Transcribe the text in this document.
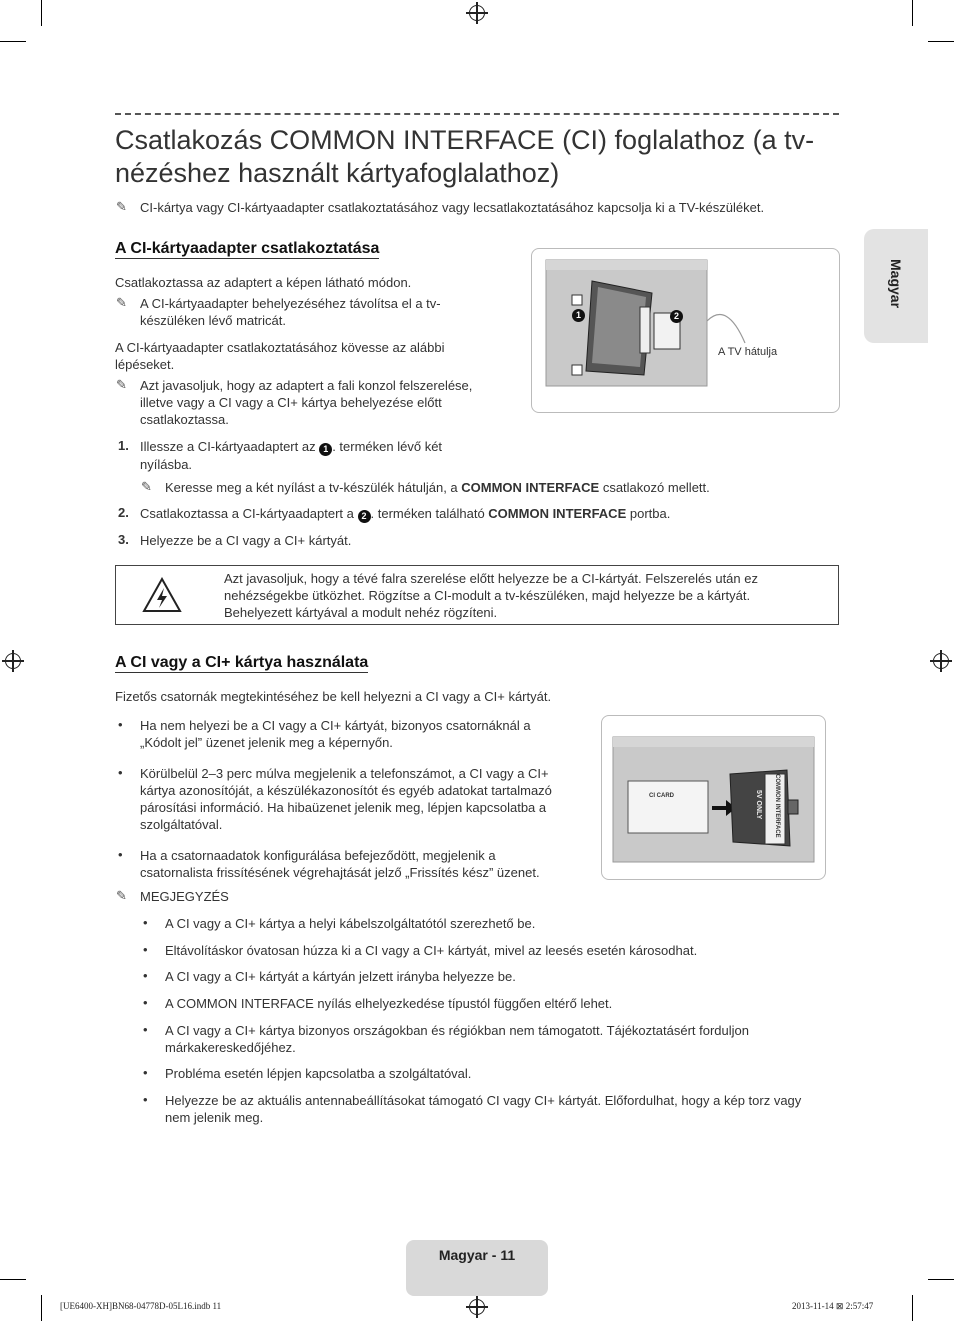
Magyar
Csatlakozás COMMON INTERFACE (CI) foglalathoz (a tv-
nézéshez használt kártyafoglalathoz)
✎ CI-kártya vagy CI-kártyaadapter csatlakoztatásához vagy lecsatlakoztatásához kapcsolja ki a TV-készüléket.
A CI-kártyaadapter csatlakoztatása
Csatlakoztassa az adaptert a képen látható módon.
✎ A CI-kártyaadapter behelyezéséhez távolítsa el a tv-
készüléken lévő matricát.
A CI-kártyaadapter csatlakoztatásához kövesse az alábbi
lépéseket.
✎ Azt javasoljuk, hogy az adaptert a fali konzol felszerelése,
illetve vagy a CI vagy a CI+ kártya behelyezése előtt
csatlakoztassa.
1. Illessze a CI-kártyaadaptert az 1 . terméken lévő két
nyílásba.
✎ Keresse meg a két nyílást a tv-készülék hátulján, a COMMON INTERFACE csatlakozó mellett.
2. Csatlakoztassa a CI-kártyaadaptert a 2 . terméken található COMMON INTERFACE portba.
3. Helyezze be a CI vagy a CI+ kártyát.
1	2
A TV hátulja
Azt javasoljuk, hogy a tévé falra szerelése előtt helyezze be a CI-kártyát. Felszerelés után ez
nehézségekbe ütközhet. Rögzítse a CI-modult a tv-készüléken, majd helyezze be a kártyát.
Behelyezett kártyával a modult nehéz rögzíteni.
A CI vagy a CI+ kártya használata
Fizetős csatornák megtekintéséhez be kell helyezni a CI vagy a CI+ kártyát.
• Ha nem helyezi be a CI vagy a CI+ kártyát, bizonyos csatornáknál a
„Kódolt jel” üzenet jelenik meg a képernyőn.
• Körülbelül 2–3 perc múlva megjelenik a telefonszámot, a CI vagy a CI+
kártya azonosítóját, a készülékazonosítót és egyéb adatokat tartalmazó
párosítási információ. Ha hibaüzenet jelenik meg, lépjen kapcsolatba a
szolgáltatóval.
• Ha a csatornaadatok konfigurálása befejeződött, megjelenik a
csatornalista frissítésének végrehajtását jelző „Frissítés kész” üzenet.
CI CARD	COMMON INTERFACE
5V ONLY
✎ MEGJEGYZÉS
• A CI vagy a CI+ kártya a helyi kábelszolgáltatótól szerezhető be.
• Eltávolításkor óvatosan húzza ki a CI vagy a CI+ kártyát, mivel az leesés esetén károsodhat.
• A CI vagy a CI+ kártyát a kártyán jelzett irányba helyezze be.
• A COMMON INTERFACE nyílás elhelyezkedése típustól függően eltérő lehet.
• A CI vagy a CI+ kártya bizonyos országokban és régiókban nem támogatott. Tájékoztatásért forduljon
márkakereskedőjéhez.
• Probléma esetén lépjen kapcsolatba a szolgáltatóval.
• Helyezze be az aktuális antennabeállításokat támogató CI vagy CI+ kártyát. Előfordulhat, hogy a kép torz vagy
nem jelenik meg.
Magyar - 11
[UE6400-XH]BN68-04778D-05L16.indb 11	2013-11-14 ⊠ 2:57:47
